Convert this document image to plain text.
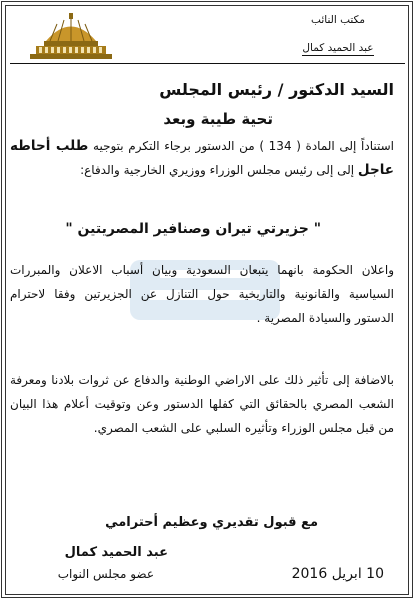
مكتب النائب
عبد الحميد كمال
السيد الدكتور / رئيس المجلس
تحية طيبة وبعد
استناداً إلى المادة ( 134 ) من الدستور برجاء التكرم بتوجيه طلب أحاطه عاجل إلى إلى رئيس مجلس الوزراء ووزيري الخارجية والدفاع:
" جزيرتي تيران وصنافير المصريتين "
واعلان الحكومة بانهما يتبعان السعودية وبيان أسباب الاعلان والمبررات السياسية والقانونية والتاريخية حول التنازل عن الجزيرتين وفقا لاحترام الدستور والسيادة المصرية .
بالاضافة إلى تأثير ذلك على الاراضي الوطنية والدفاع عن ثروات بلادنا ومعرفة الشعب المصري بالحقائق التي كفلها الدستور وعن وتوقيت أعلام هذا البيان من قبل مجلس الوزراء وتأثيره السلبي على الشعب المصري.
مع قبول تقديري وعظيم أحترامي
عبد الحميد كمال
عضو مجلس النواب	10 ابريل 2016
